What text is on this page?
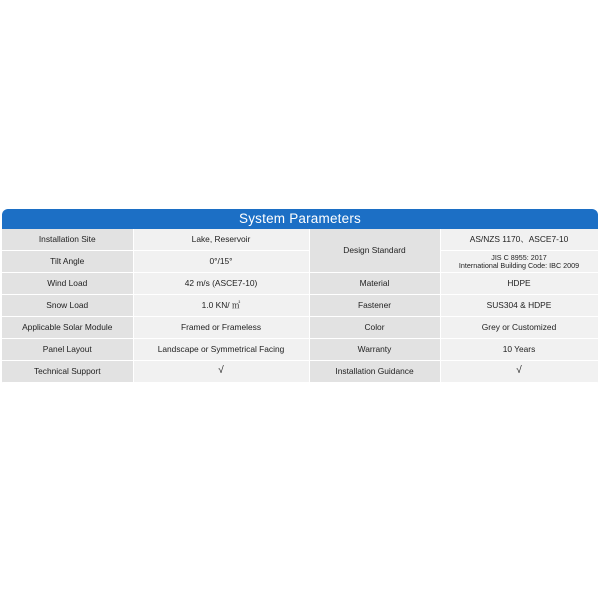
System Parameters
Installation Site	Lake, Reservoir	Design Standard	AS/NZS 1170、ASCE7-10
Tilt Angle	0°/15°		JIS C 8955: 2017
International Building Code: IBC 2009

Wind Load	42 m/s (ASCE7-10)	Material	HDPE
Snow Load	1.0 KN/ ㎡	Fastener	SUS304 & HDPE
Applicable Solar Module	Framed or Frameless	Color	Grey or Customized
Panel Layout	Landscape or Symmetrical Facing	Warranty	10 Years
Technical Support	√	Installation Guidance	√
